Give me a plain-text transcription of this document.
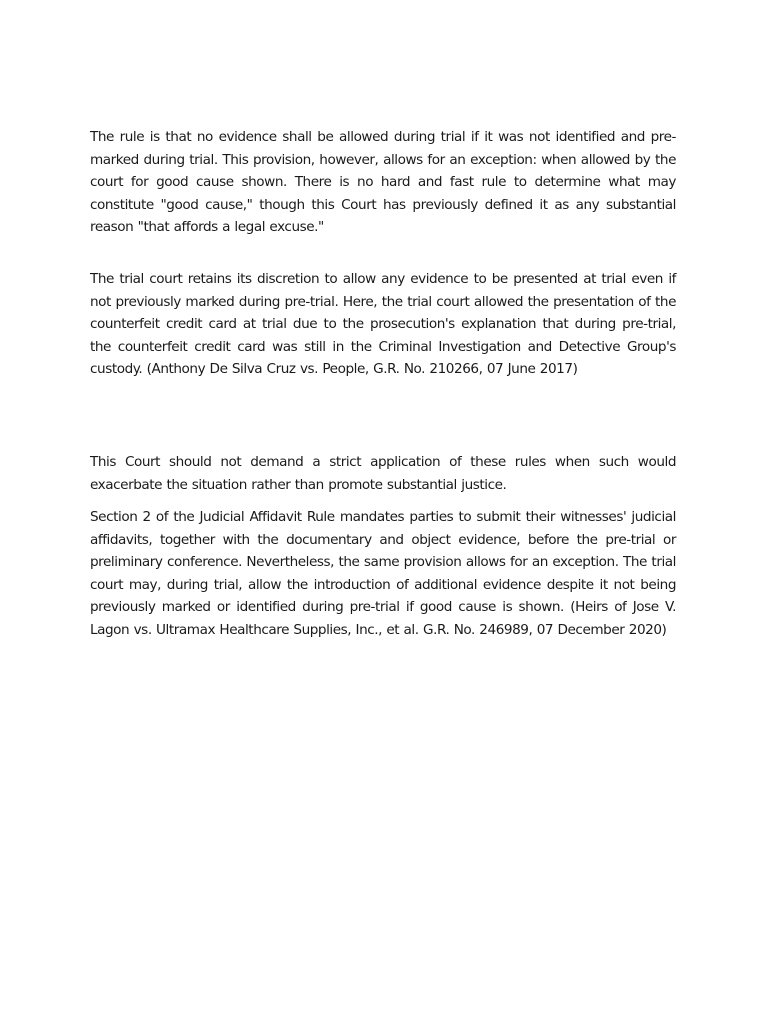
The rule is that no evidence shall be allowed during trial if it was not identified and pre-marked during trial. This provision, however, allows for an exception: when allowed by the court for good cause shown. There is no hard and fast rule to determine what may constitute "good cause," though this Court has previously defined it as any substantial reason "that affords a legal excuse."

The trial court retains its discretion to allow any evidence to be presented at trial even if not previously marked during pre-trial. Here, the trial court allowed the presentation of the counterfeit credit card at trial due to the prosecution's explanation that during pre-trial, the counterfeit credit card was still in the Criminal Investigation and Detective Group's custody. (Anthony De Silva Cruz vs. People, G.R. No. 210266, 07 June 2017)

This Court should not demand a strict application of these rules when such would exacerbate the situation rather than promote substantial justice.

Section 2 of the Judicial Affidavit Rule mandates parties to submit their witnesses' judicial affidavits, together with the documentary and object evidence, before the pre-trial or preliminary conference. Nevertheless, the same provision allows for an exception. The trial court may, during trial, allow the introduction of additional evidence despite it not being previously marked or identified during pre-trial if good cause is shown. (Heirs of Jose V. Lagon vs. Ultramax Healthcare Supplies, Inc., et al. G.R. No. 246989, 07 December 2020)
